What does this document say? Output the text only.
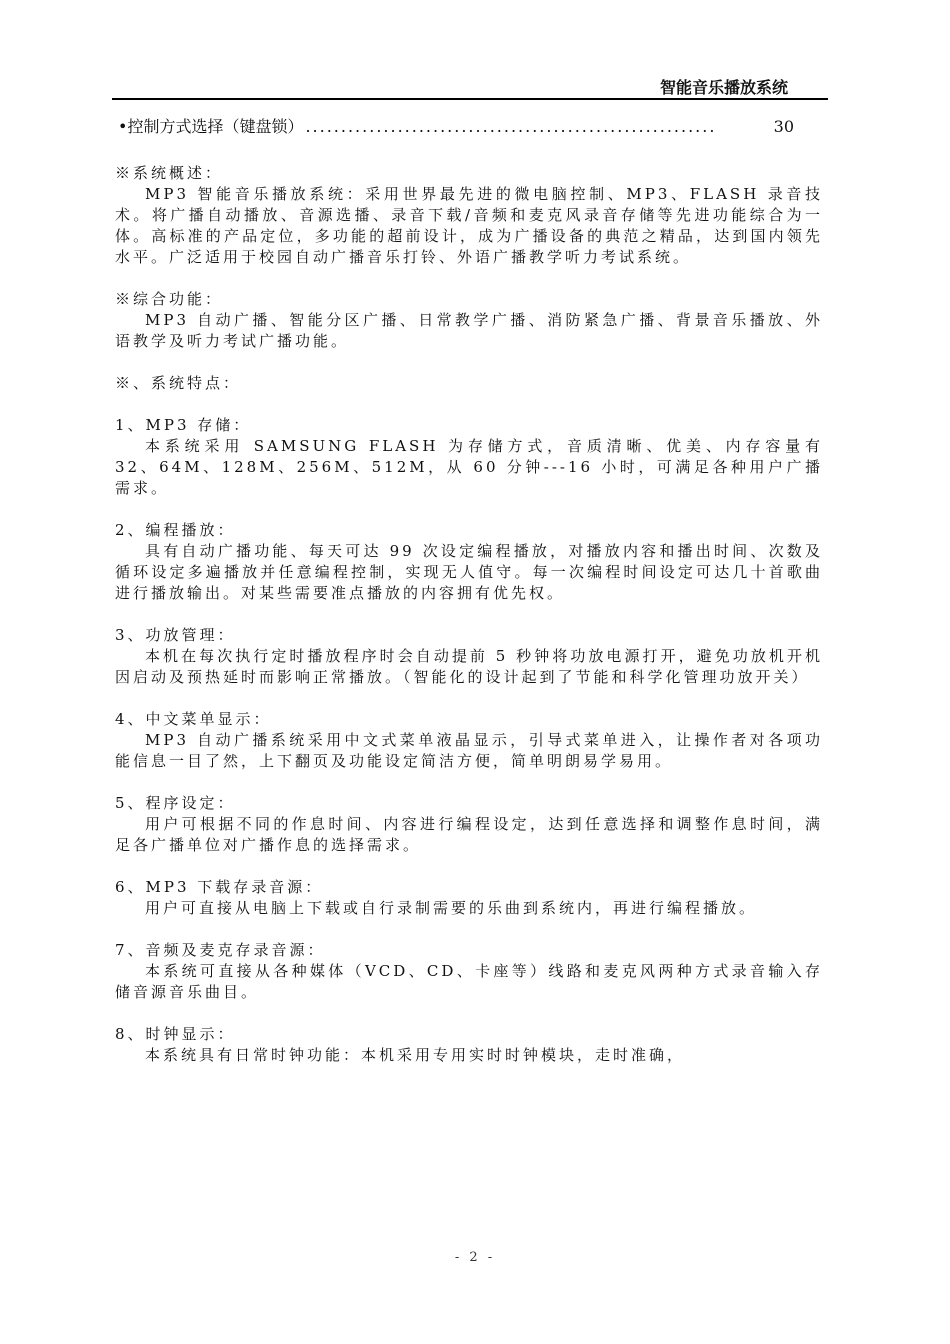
智能音乐播放系统
•控制方式选择（键盘锁） ..........................................................	30

※系统概述：

MP3 智能音乐播放系统：采用世界最先进的微电脑控制、MP3、FLASH 录音技术。将广播自动播放、音源选播、录音下载/音频和麦克风录音存储等先进功能综合为一体。高标准的产品定位，多功能的超前设计，成为广播设备的典范之精品，达到国内领先水平。广泛适用于校园自动广播音乐打铃、外语广播教学听力考试系统。

※综合功能：

MP3 自动广播、智能分区广播、日常教学广播、消防紧急广播、背景音乐播放、外语教学及听力考试广播功能。

※、系统特点：

1、MP3 存储：

本系统采用 SAMSUNG FLASH 为存储方式，音质清晰、优美、内存容量有 32、64M、128M、256M、512M，从 60 分钟---16 小时，可满足各种用户广播需求。

2、编程播放：

具有自动广播功能、每天可达 99 次设定编程播放，对播放内容和播出时间、次数及循环设定多遍播放并任意编程控制，实现无人值守。每一次编程时间设定可达几十首歌曲进行播放输出。对某些需要准点播放的内容拥有优先权。

3、功放管理：

本机在每次执行定时播放程序时会自动提前 5 秒钟将功放电源打开，避免功放机开机因启动及预热延时而影响正常播放。（智能化的设计起到了节能和科学化管理功放开关）

4、中文菜单显示：

MP3 自动广播系统采用中文式菜单液晶显示，引导式菜单进入，让操作者对各项功能信息一目了然，上下翻页及功能设定简洁方便，简单明朗易学易用。

5、程序设定：

用户可根据不同的作息时间、内容进行编程设定，达到任意选择和调整作息时间，满足各广播单位对广播作息的选择需求。

6、MP3 下载存录音源：

用户可直接从电脑上下载或自行录制需要的乐曲到系统内，再进行编程播放。

7、音频及麦克存录音源：

本系统可直接从各种媒体（VCD、CD、卡座等）线路和麦克风两种方式录音输入存储音源音乐曲目。

8、时钟显示：

本系统具有日常时钟功能：本机采用专用实时时钟模块，走时准确，

- 2 -
